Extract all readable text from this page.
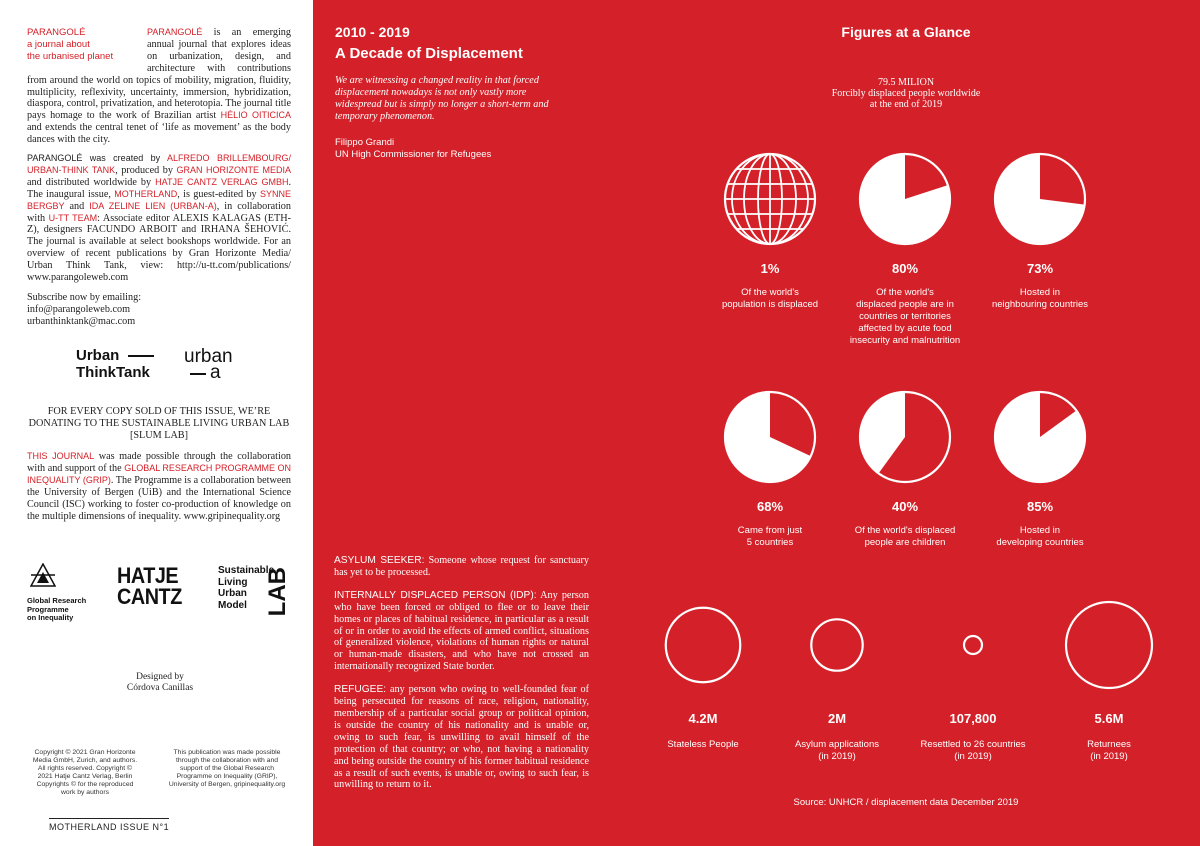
PARANGOLÉ
a journal about
the urbanised planet
PARANGOLÉ is an emerging annual journal that explores ideas on urbanization, design, and architecture with contributions from around the world on topics of mobility, migration, fluidity, multiplicity, reflexivity, uncertainty, immersion, hybridization, diaspora, control, privatization, and heterotopia. The journal title pays homage to the work of Brazilian artist HÉLIO OITICICA and extends the central tenet of ‘life as movement’ as the body dances with the city.
PARANGOLÉ was created by ALFREDO BRILLEMBOURG/ URBAN-THINK TANK, produced by GRAN HORIZONTE MEDIA and distributed worldwide by HATJE CANTZ VERLAG GMBH. The inaugural issue, MOTHERLAND, is guest-edited by SYNNE BERGBY and IDA ZELINE LIEN (URBAN-A), in collaboration with U-TT TEAM: Associate editor ALEXIS KALAGAS (ETH-Z), designers FACUNDO ARBOIT and IRHANA ŠEHOVIĆ. The journal is available at select bookshops worldwide. For an overview of recent publications by Gran Horizonte Media/ Urban Think Tank, view: http://u-tt.com/publications/ www.parangoleweb.com
Subscribe now by emailing:
info@parangoleweb.com
urbanthinktank@mac.com
Urban
ThinkTank
urban
a
FOR EVERY COPY SOLD OF THIS ISSUE, WE’RE DONATING TO THE SUSTAINABLE LIVING URBAN LAB [SLUM LAB]
THIS JOURNAL was made possible through the collaboration with and support of the GLOBAL RESEARCH PROGRAMME ON INEQUALITY (GRIP). The Programme is a collaboration between the University of Bergen (UiB) and the International Science Council (ISC) working to foster co-production of knowledge on the multiple dimensions of inequality. www.gripinequality.org
Global Research
Programme
on Inequality
HATJE
CANTZ
Sustainable
Living
Urban
Model LAB
Designed by
Córdova Canillas
Copyright © 2021 Gran Horizonte Media GmbH, Zurich, and authors. All rights reserved. Copyright © 2021 Hatje Cantz Verlag, Berlin Copyrights © for the reproduced work by authors
This publication was made possible through the collaboration with and support of the Global Research Programme on Inequality (GRIP), University of Bergen, gripinequality.org
MOTHERLAND ISSUE N°1
2010 - 2019
A Decade of Displacement
We are witnessing a changed reality in that forced displacement nowadays is not only vastly more widespread but is simply no longer a short-term and temporary phenomenon.
Filippo Grandi
UN High Commissioner for Refugees
Figures at a Glance
79.5 MILION
Forcibly displaced people worldwide
at the end of 2019
1%
Of the world's
population is displaced
80%
Of the world's
displaced people are in
countries or territories
affected by acute food
insecurity and malnutrition
73%
Hosted in
neighbouring countries
68%
Came from just
5 countries
40%
Of the world's displaced
people are children
85%
Hosted in
developing countries
4.2M
Stateless People
2M
Asylum applications
(in 2019)
107,800
Resettled to 26 countries
(in 2019)
5.6M
Returnees
(in 2019)

ASYLUM SEEKER: Someone whose request for sanctuary has yet to be processed.

INTERNALLY DISPLACED PERSON (IDP): Any person who have been forced or obliged to flee or to leave their homes or places of habitual residence, in particular as a result of or in order to avoid the effects of armed conflict, situations of generalized violence, violations of human rights or natural or human-made disasters, and who have not crossed an internationally recognized State border.

REFUGEE: any person who owing to well-founded fear of being persecuted for reasons of race, religion, nationality, membership of a particular social group or political opinion, is outside the country of his nationality and is unable or, owing to such fear, is unwilling to avail himself of the protection of that country; or who, not having a nationality and being outside the country of his former habitual residence as a result of such events, is unable or, owing to such fear, is unwilling to return to it.

Source: UNHCR / displacement data December 2019
